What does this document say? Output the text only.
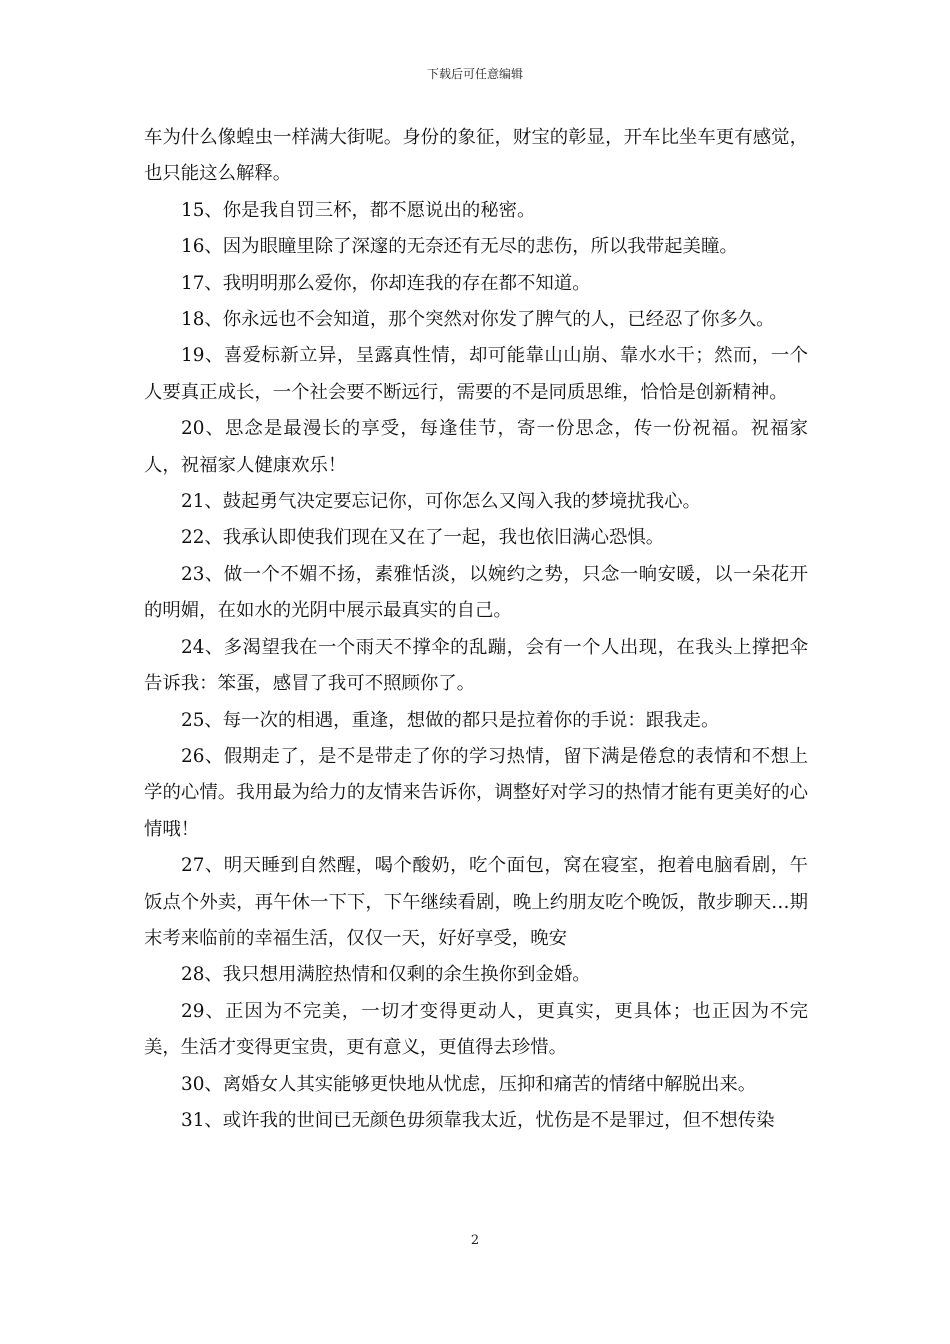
下载后可任意编辑

车为什么像蝗虫一样满大街呢。身份的象征，财宝的彰显，开车比坐车更有感觉，也只能这么解释。

15、你是我自罚三杯，都不愿说出的秘密。

16、因为眼瞳里除了深邃的无奈还有无尽的悲伤，所以我带起美瞳。

17、我明明那么爱你，你却连我的存在都不知道。

18、你永远也不会知道，那个突然对你发了脾气的人，已经忍了你多久。

19、喜爱标新立异，呈露真性情，却可能靠山山崩、靠水水干；然而，一个人要真正成长，一个社会要不断远行，需要的不是同质思维，恰恰是创新精神。

20、思念是最漫长的享受，每逢佳节，寄一份思念，传一份祝福。祝福家人，祝福家人健康欢乐！

21、鼓起勇气决定要忘记你，可你怎么又闯入我的梦境扰我心。

22、我承认即使我们现在又在了一起，我也依旧满心恐惧。

23、做一个不媚不扬，素雅恬淡，以婉约之势，只念一晌安暖，以一朵花开的明媚，在如水的光阴中展示最真实的自己。

24、多渴望我在一个雨天不撑伞的乱蹦，会有一个人出现，在我头上撑把伞告诉我：笨蛋，感冒了我可不照顾你了。

25、每一次的相遇，重逢，想做的都只是拉着你的手说：跟我走。

26、假期走了，是不是带走了你的学习热情，留下满是倦怠的表情和不想上学的心情。我用最为给力的友情来告诉你，调整好对学习的热情才能有更美好的心情哦！

27、明天睡到自然醒，喝个酸奶，吃个面包，窝在寝室，抱着电脑看剧，午饭点个外卖，再午休一下下，下午继续看剧，晚上约朋友吃个晚饭，散步聊天…期末考来临前的幸福生活，仅仅一天，好好享受，晚安

28、我只想用满腔热情和仅剩的余生换你到金婚。

29、正因为不完美，一切才变得更动人，更真实，更具体；也正因为不完美，生活才变得更宝贵，更有意义，更值得去珍惜。

30、离婚女人其实能够更快地从忧虑，压抑和痛苦的情绪中解脱出来。

31、或许我的世间已无颜色毋须靠我太近，忧伤是不是罪过，但不想传染

2
